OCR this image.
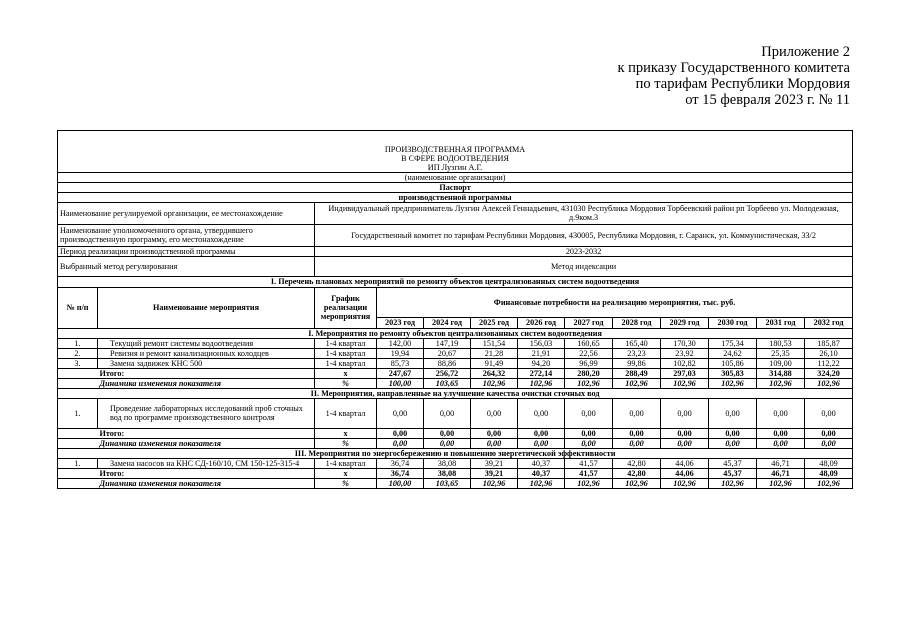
Приложение 2
к приказу Государственного комитета
по тарифам Республики Мордовия
от 15 февраля 2023 г. № 11

ПРОИЗВОДСТВЕННАЯ ПРОГРАММА												
В СФЕРЕ ВОДООТВЕДЕНИЯ												
ИП Лузгин А.Г.												
(наименование организации)												
Паспорт												
производственной программы												
Наименование регулируемой организации, ее местонахождение		Индивидуальный предприниматель Лузгин Алексей Геннадьевич, 431030 Республика Мордовия Торбеевский район рп Торбеево ул. Молодежная, д.9ком.3										
Наименование уполномоченного органа, утвердившего производственную программу, его местонахождение		Государственный комитет по тарифам Республики Мордовия, 430005, Республика Мордовия, г. Саранск, ул. Коммунистическая, 33/2										
Период реализации производственной программы		2023-2032										
Выбранный метод регулирования		Метод индексации										
I. Перечень плановых мероприятий по ремонту объектов централизованных систем водоотведения												
№ п/п	Наименование мероприятия	График реализации мероприятия	Финансовые потребности на реализацию мероприятия, тыс. руб.									
			2023 год	2024 год	2025 год	2026 год	2027 год	2028 год	2029 год	2030 год	2031 год	2032 год
I. Мероприятия по ремонту объектов централизованных систем водоотведения												
1.	Текущий ремонт системы водоотведения	1-4 квартал	142,00	147,19	151,54	156,03	160,65	165,40	170,30	175,34	180,53	185,87
2.	Ревизия и ремонт канализационных колодцев	1-4 квартал	19,94	20,67	21,28	21,91	22,56	23,23	23,92	24,62	25,35	26,10
3.	Замена задвижек КНС 500	1-4 квартал	85,73	88,86	91,49	94,20	96,99	99,86	102,82	105,86	109,00	112,22
	Итого:	х	247,67	256,72	264,32	272,14	280,20	288,49	297,03	305,83	314,88	324,20
	Динамика изменения показателя	%	100,00	103,65	102,96	102,96	102,96	102,96	102,96	102,96	102,96	102,96
II. Мероприятия, направленные на улучшение качества очистки сточных вод												
1.	Проведение лабораторных исследований проб сточных вод по программе производственного контроля	1-4 квартал	0,00	0,00	0,00	0,00	0,00	0,00	0,00	0,00	0,00	0,00
	Итого:	х	0,00	0,00	0,00	0,00	0,00	0,00	0,00	0,00	0,00	0,00
	Динамика изменения показателя	%	0,00	0,00	0,00	0,00	0,00	0,00	0,00	0,00	0,00	0,00
III. Мероприятия по энергосбережению и повышению энергетической эффективности												
1.	Замена насосов на КНС СД-160/10, СМ 150-125-315-4	1-4 квартал	36,74	38,08	39,21	40,37	41,57	42,80	44,06	45,37	46,71	48,09
	Итого:	х	36,74	38,08	39,21	40,37	41,57	42,80	44,06	45,37	46,71	48,09
	Динамика изменения показателя	%	100,00	103,65	102,96	102,96	102,96	102,96	102,96	102,96	102,96	102,96
